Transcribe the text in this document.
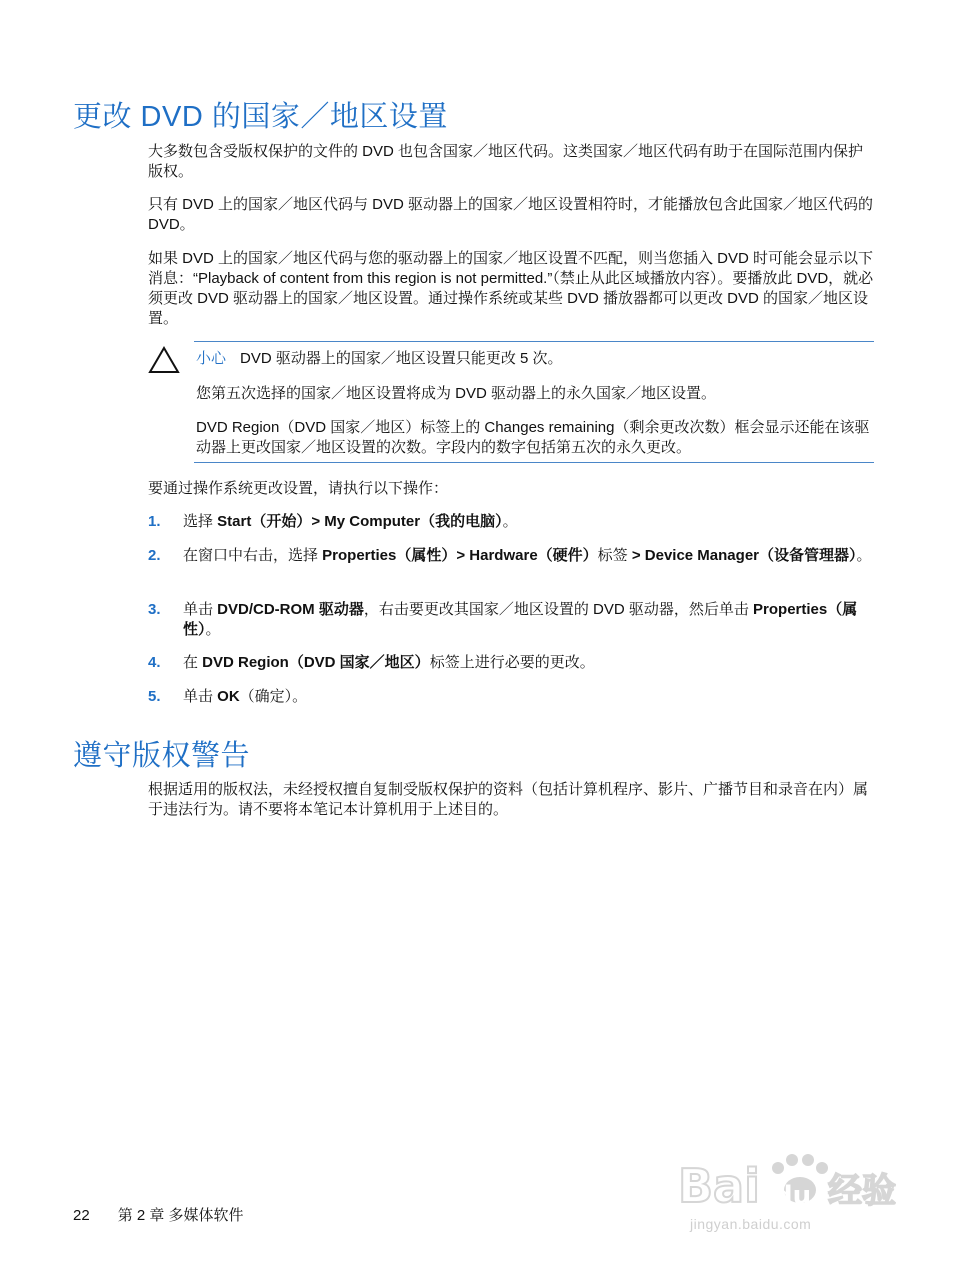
更改 DVD 的国家／地区设置

大多数包含受版权保护的文件的 DVD 也包含国家／地区代码。这类国家／地区代码有助于在国际范围内保护版权。

只有 DVD 上的国家／地区代码与 DVD 驱动器上的国家／地区设置相符时，才能播放包含此国家／地区代码的 DVD。

如果 DVD 上的国家／地区代码与您的驱动器上的国家／地区设置不匹配，则当您插入 DVD 时可能会显示以下消息：“Playback of content from this region is not permitted.”（禁止从此区域播放内容）。要播放此 DVD，就必须更改 DVD 驱动器上的国家／地区设置。通过操作系统或某些 DVD 播放器都可以更改 DVD 的国家／地区设置。

小心 DVD 驱动器上的国家／地区设置只能更改 5 次。

您第五次选择的国家／地区设置将成为 DVD 驱动器上的永久国家／地区设置。

DVD Region（DVD 国家／地区）标签上的 Changes remaining（剩余更改次数）框会显示还能在该驱动器上更改国家／地区设置的次数。字段内的数字包括第五次的永久更改。

要通过操作系统更改设置，请执行以下操作：

1. 选择 Start（开始）> My Computer（我的电脑）。
2. 在窗口中右击，选择 Properties（属性）> Hardware（硬件）标签 > Device Manager（设备管理器）。
3. 单击 DVD/CD-ROM 驱动器，右击要更改其国家／地区设置的 DVD 驱动器，然后单击 Properties（属性）。
4. 在 DVD Region（DVD 国家／地区）标签上进行必要的更改。
5. 单击 OK（确定）。
遵守版权警告

根据适用的版权法，未经授权擅自复制受版权保护的资料（包括计算机程序、影片、广播节目和录音在内）属于违法行为。请不要将本笔记本计算机用于上述目的。

22 第 2 章 多媒体软件
Bai du 经验
jingyan.baidu.com
